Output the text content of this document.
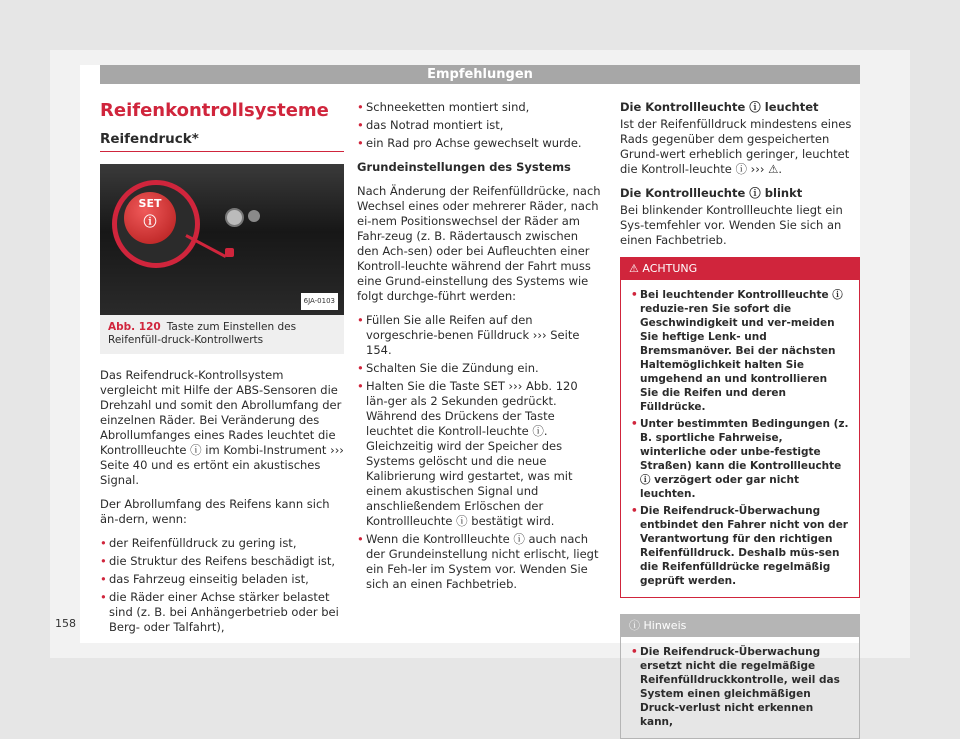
Empfehlungen
Reifenkontrollsysteme
Reifendruck*
SET
ⓘ
6JA-0103
Abb. 120 Taste zum Einstellen des Reifenfüll-druck-Kontrollwerts

Das Reifendruck-Kontrollsystem vergleicht mit Hilfe der ABS-Sensoren die Drehzahl und somit den Abrollumfang der einzelnen Räder. Bei Veränderung des Abrollumfanges eines Rades leuchtet die Kontrollleuchte ⓘ im Kombi-Instrument ››› Seite 40 und es ertönt ein akustisches Signal.

Der Abrollumfang des Reifens kann sich än-dern, wenn:

• der Reifenfülldruck zu gering ist,
• die Struktur des Reifens beschädigt ist,
• das Fahrzeug einseitig beladen ist,
• die Räder einer Achse stärker belastet sind (z. B. bei Anhängerbetrieb oder bei Berg- oder Talfahrt),
• Schneeketten montiert sind,
• das Notrad montiert ist,
• ein Rad pro Achse gewechselt wurde.

Grundeinstellungen des Systems

Nach Änderung der Reifenfülldrücke, nach Wechsel eines oder mehrerer Räder, nach ei-nem Positionswechsel der Räder am Fahr-zeug (z. B. Rädertausch zwischen den Ach-sen) oder bei Aufleuchten einer Kontroll-leuchte während der Fahrt muss eine Grund-einstellung des Systems wie folgt durchge-führt werden:

• Füllen Sie alle Reifen auf den vorgeschrie-benen Fülldruck ››› Seite 154.
• Schalten Sie die Zündung ein.
• Halten Sie die Taste SET ››› Abb. 120 län-ger als 2 Sekunden gedrückt. Während des Drückens der Taste leuchtet die Kontroll-leuchte ⓘ. Gleichzeitig wird der Speicher des Systems gelöscht und die neue Kalibrierung wird gestartet, was mit einem akustischen Signal und anschließendem Erlöschen der Kontrollleuchte ⓘ bestätigt wird.
• Wenn die Kontrollleuchte ⓘ auch nach der Grundeinstellung nicht erlischt, liegt ein Feh-ler im System vor. Wenden Sie sich an einen Fachbetrieb.

Die Kontrollleuchte ⓘ leuchtet

Ist der Reifenfülldruck mindestens eines Rads gegenüber dem gespeicherten Grund-wert erheblich geringer, leuchtet die Kontroll-leuchte ⓘ ››› ⚠.

Die Kontrollleuchte ⓘ blinkt

Bei blinkender Kontrollleuchte liegt ein Sys-temfehler vor. Wenden Sie sich an einen Fachbetrieb.

⚠ ACHTUNG
• Bei leuchtender Kontrollleuchte ⓘ reduzie-ren Sie sofort die Geschwindigkeit und ver-meiden Sie heftige Lenk- und Bremsmanöver. Bei der nächsten Haltemöglichkeit halten Sie umgehend an und kontrollieren Sie die Reifen und deren Fülldrücke.
• Unter bestimmten Bedingungen (z. B. sportliche Fahrweise, winterliche oder unbe-festigte Straßen) kann die Kontrollleuchte ⓘ verzögert oder gar nicht leuchten.
• Die Reifendruck-Überwachung entbindet den Fahrer nicht von der Verantwortung für den richtigen Reifenfülldruck. Deshalb müs-sen die Reifenfülldrücke regelmäßig geprüft werden.
ⓘ Hinweis
• Die Reifendruck-Überwachung ersetzt nicht die regelmäßige Reifenfülldruckkontrolle, weil das System einen gleichmäßigen Druck-verlust nicht erkennen kann,
158
